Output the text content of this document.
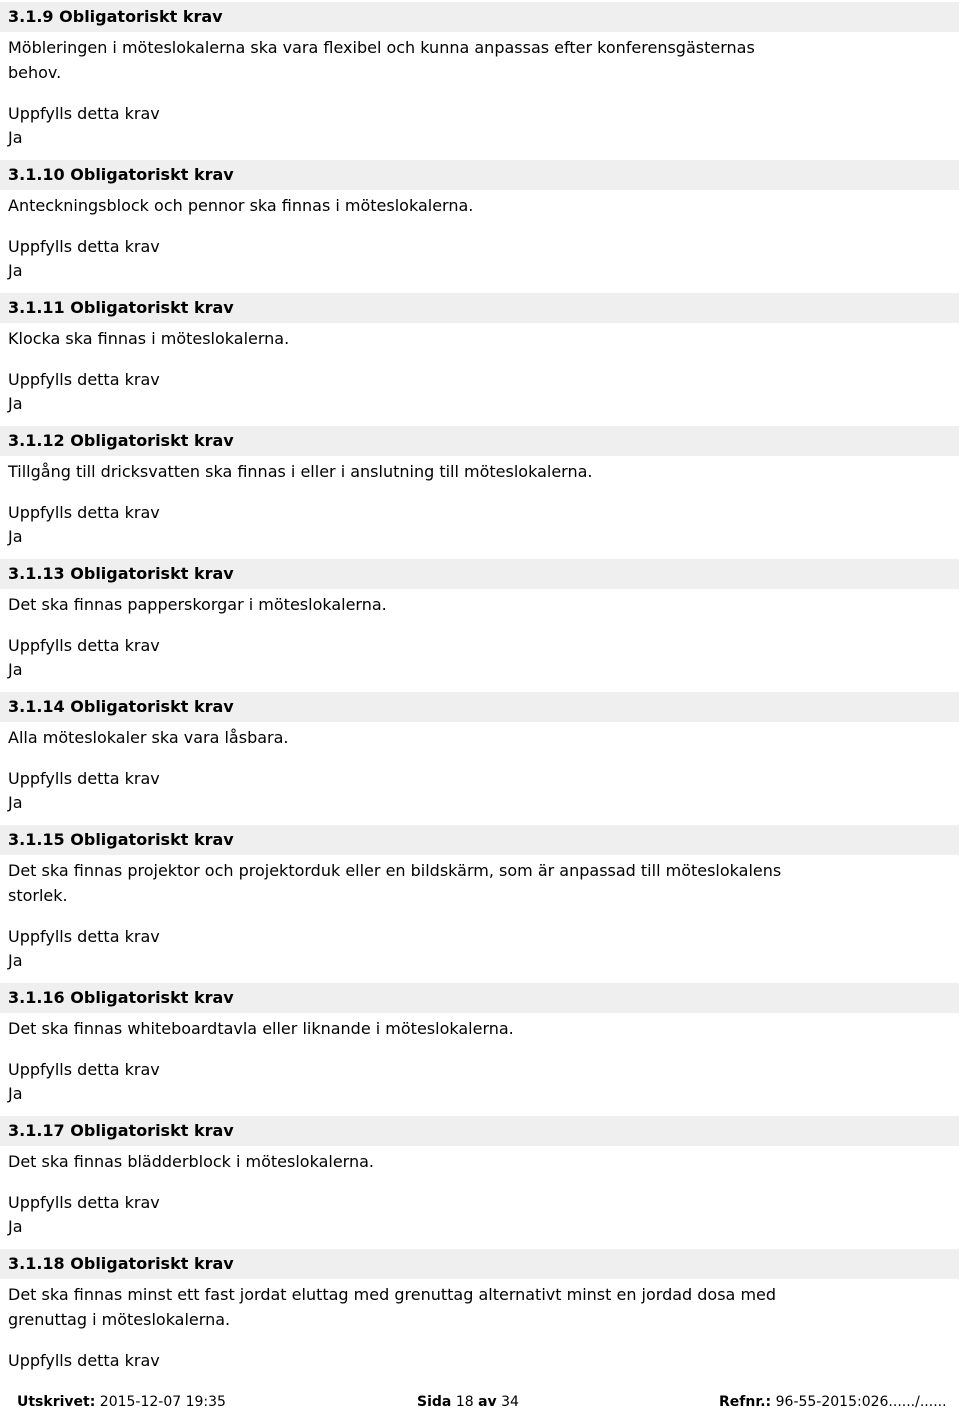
3.1.9 Obligatoriskt krav
Möbleringen i möteslokalerna ska vara flexibel och kunna anpassas efter konferensgästernas behov.
Uppfylls detta krav
Ja
3.1.10 Obligatoriskt krav
Anteckningsblock och pennor ska finnas i möteslokalerna.
Uppfylls detta krav
Ja
3.1.11 Obligatoriskt krav
Klocka ska finnas i möteslokalerna.
Uppfylls detta krav
Ja
3.1.12 Obligatoriskt krav
Tillgång till dricksvatten ska finnas i eller i anslutning till möteslokalerna.
Uppfylls detta krav
Ja
3.1.13 Obligatoriskt krav
Det ska finnas papperskorgar i möteslokalerna.
Uppfylls detta krav
Ja
3.1.14 Obligatoriskt krav
Alla möteslokaler ska vara låsbara.
Uppfylls detta krav
Ja
3.1.15 Obligatoriskt krav
Det ska finnas projektor och projektorduk eller en bildskärm, som är anpassad till möteslokalens storlek.
Uppfylls detta krav
Ja
3.1.16 Obligatoriskt krav
Det ska finnas whiteboardtavla eller liknande i möteslokalerna.
Uppfylls detta krav
Ja
3.1.17 Obligatoriskt krav
Det ska finnas blädderblock i möteslokalerna.
Uppfylls detta krav
Ja
3.1.18 Obligatoriskt krav
Det ska finnas minst ett fast jordat eluttag med grenuttag alternativt minst en jordad dosa med grenuttag i möteslokalerna.
Uppfylls detta krav
Utskrivet: 2015-12-07 19:35	Sida 18 av 34	Refnr.: 96-55-2015:026....../......
